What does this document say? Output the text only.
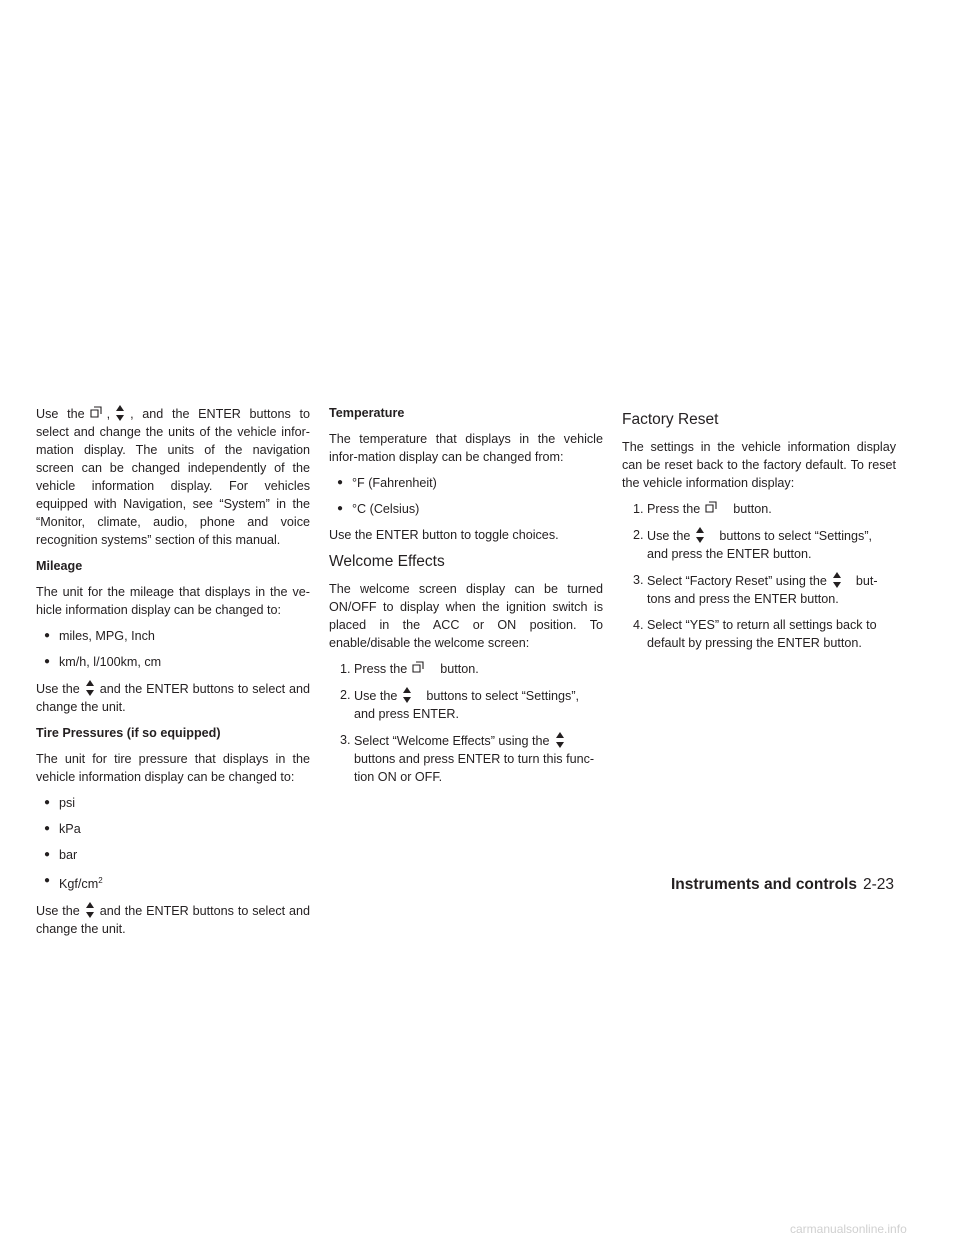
Use the , , and the ENTER buttons to select and change the units of the vehicle infor-mation display. The units of the navigation screen can be changed independently of the vehicle information display. For vehicles equipped with Navigation, see “System” in the “Monitor, climate, audio, phone and voice recognition systems” section of this manual.

Mileage

The unit for the mileage that displays in the ve-hicle information display can be changed to:

● miles, MPG, Inch
● km/h, l/100km, cm

Use the and the ENTER buttons to select and change the unit.

Tire Pressures (if so equipped)

The unit for tire pressure that displays in the vehicle information display can be changed to:

● psi
● kPa
● bar
● Kgf/$cm^2$

Use the and the ENTER buttons to select and change the unit.

Temperature

The temperature that displays in the vehicle infor-mation display can be changed from:

● °F (Fahrenheit)
● °C (Celsius)

Use the ENTER button to toggle choices.

Welcome Effects

The welcome screen display can be turned ON/OFF to display when the ignition switch is placed in the ACC or ON position. To enable/disable the welcome screen:

1. Press the	button.
2. Use the buttons to select “Settings”, and press ENTER.
3. Select “Welcome Effects” using thebuttons and press ENTER to turn this func-tion ON or OFF.
Factory Reset

The settings in the vehicle information display can be reset back to the factory default. To reset the vehicle information display:

1. Press the	button.
2. Use the buttons to select “Settings”, and press the ENTER button.
3. Select “Factory Reset” using the but-tons and press the ENTER button.
4. Select “YES” to return all settings back to default by pressing the ENTER button.
Instruments and controls 2-23
carmanualsonline.info
